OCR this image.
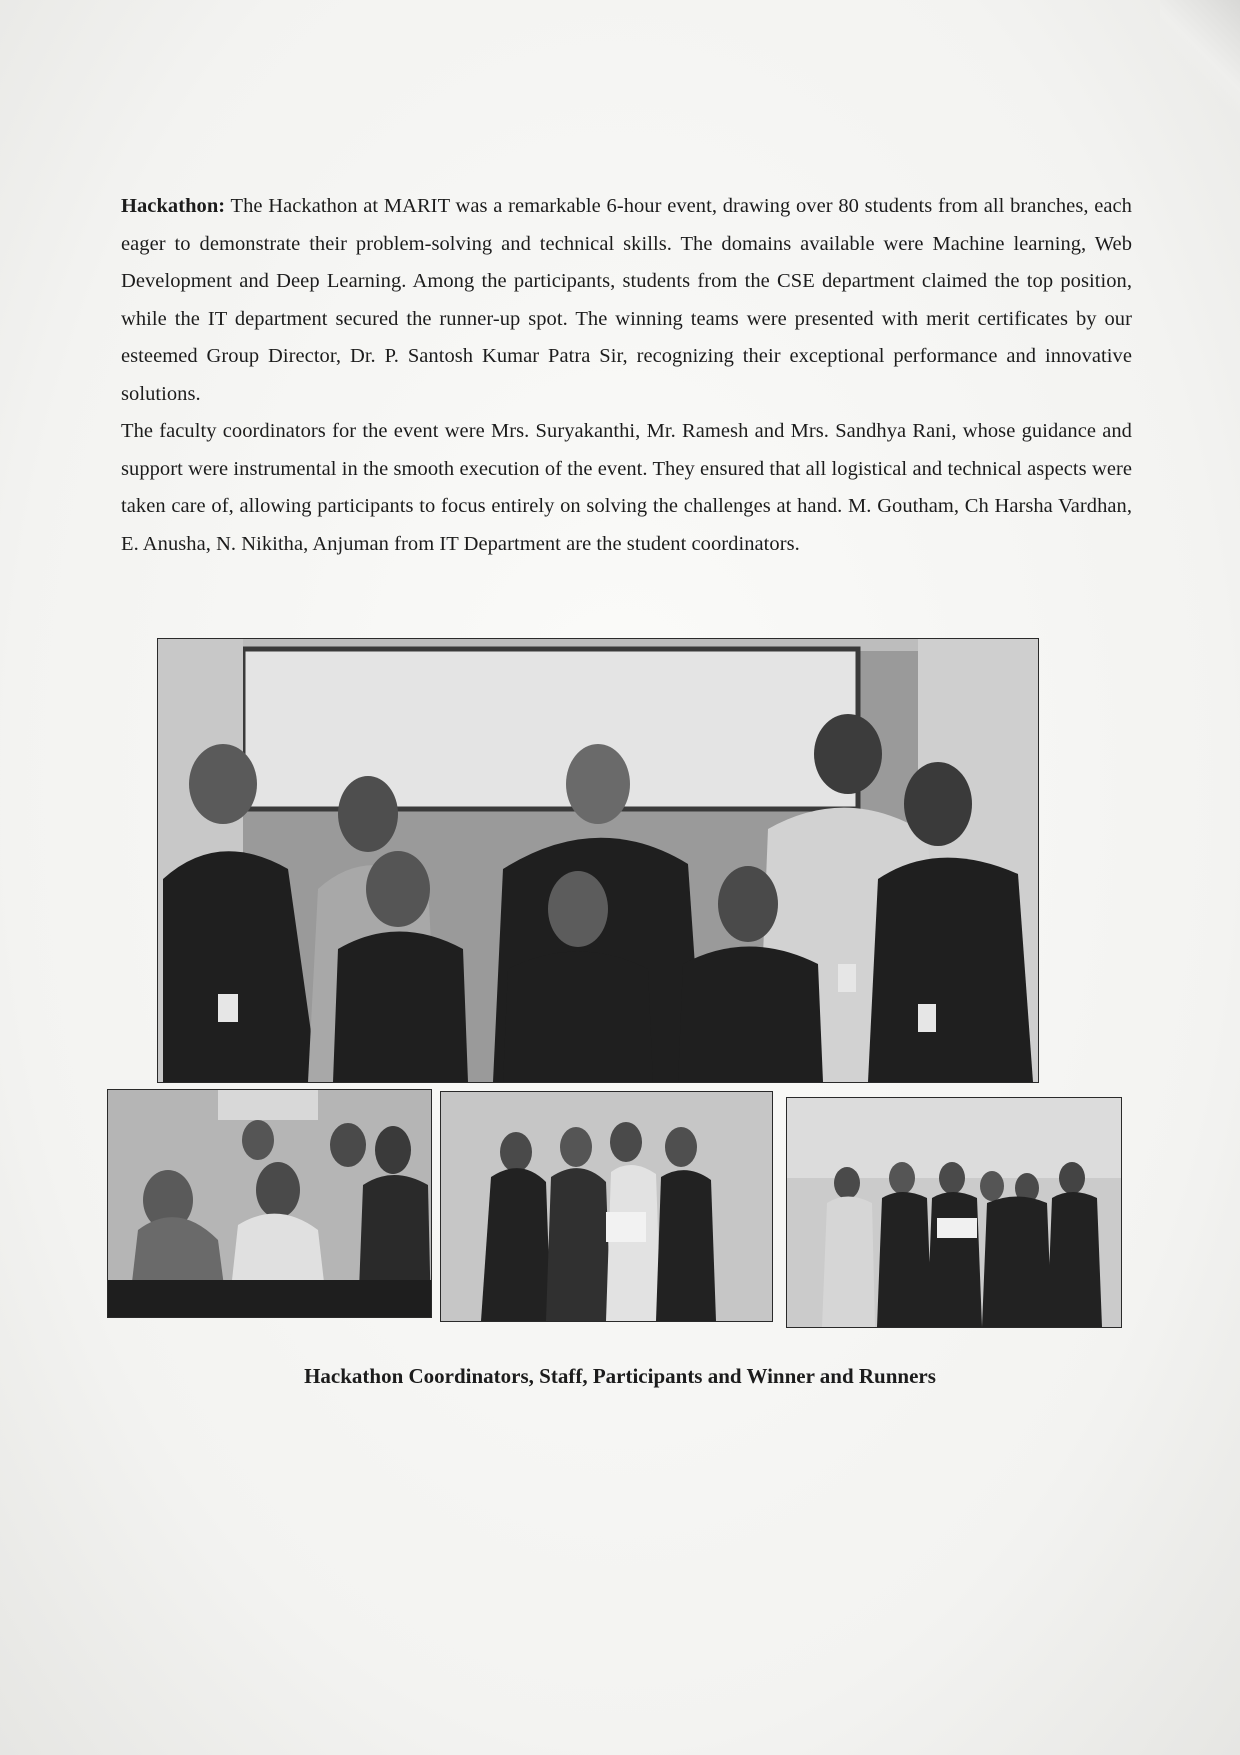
Hackathon: The Hackathon at MARIT was a remarkable 6-hour event, drawing over 80 students from all branches, each eager to demonstrate their problem-solving and technical skills. The domains available were Machine learning, Web Development and Deep Learning. Among the participants, students from the CSE department claimed the top position, while the IT department secured the runner-up spot. The winning teams were presented with merit certificates by our esteemed Group Director, Dr. P. Santosh Kumar Patra Sir, recognizing their exceptional performance and innovative solutions.

The faculty coordinators for the event were Mrs. Suryakanthi, Mr. Ramesh and Mrs. Sandhya Rani, whose guidance and support were instrumental in the smooth execution of the event. They ensured that all logistical and technical aspects were taken care of, allowing participants to focus entirely on solving the challenges at hand. M. Goutham, Ch Harsha Vardhan, E. Anusha, N. Nikitha, Anjuman from IT Department are the student coordinators.

Hackathon Coordinators, Staff, Participants and Winner and Runners
